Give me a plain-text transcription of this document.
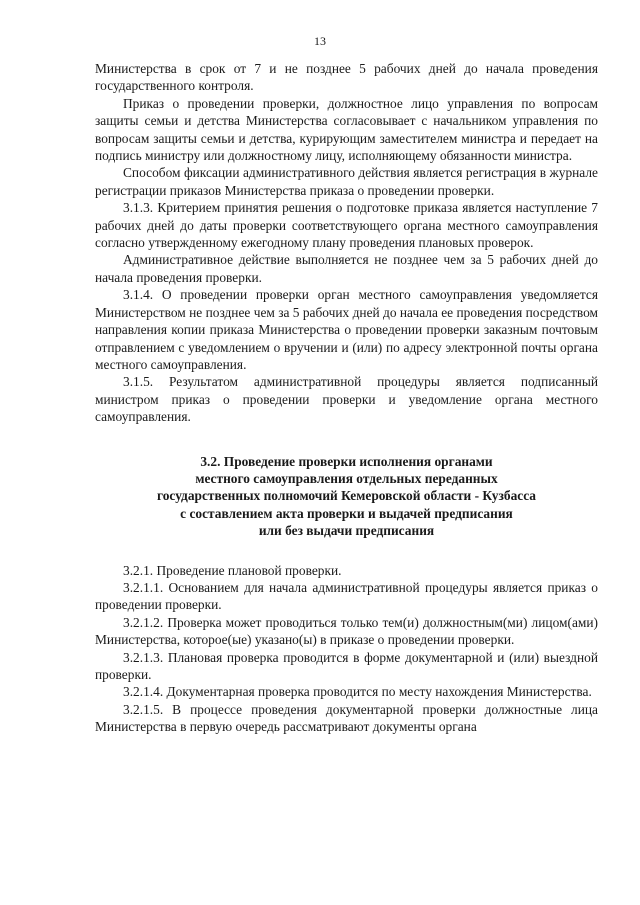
13

Министерства в срок от 7 и не позднее 5 рабочих дней до начала проведения государственного контроля.

Приказ о проведении проверки, должностное лицо управления по вопросам защиты семьи и детства Министерства согласовывает с начальником управления по вопросам защиты семьи и детства, курирующим заместителем министра и передает на подпись министру или должностному лицу, исполняющему обязанности министра.

Способом фиксации административного действия является регистрация в журнале регистрации приказов Министерства приказа о проведении проверки.

3.1.3. Критерием принятия решения о подготовке приказа является наступление 7 рабочих дней до даты проверки соответствующего органа местного самоуправления согласно утвержденному ежегодному плану проведения плановых проверок.

Административное действие выполняется не позднее чем за 5 рабочих дней до начала проведения проверки.

3.1.4. О проведении проверки орган местного самоуправления уведомляется Министерством не позднее чем за 5 рабочих дней до начала ее проведения посредством направления копии приказа Министерства о проведении проверки заказным почтовым отправлением с уведомлением о вручении и (или) по адресу электронной почты органа местного самоуправления.

3.1.5. Результатом административной процедуры является подписанный министром приказ о проведении проверки и уведомление органа местного самоуправления.

3.2. Проведение проверки исполнения органами
местного самоуправления отдельных переданных
государственных полномочий Кемеровской области - Кузбасса
с составлением акта проверки и выдачей предписания
или без выдачи предписания

3.2.1. Проведение плановой проверки.

3.2.1.1. Основанием для начала административной процедуры является приказ о проведении проверки.

3.2.1.2. Проверка может проводиться только тем(и) должностным(ми) лицом(ами) Министерства, которое(ые) указано(ы) в приказе о проведении проверки.

3.2.1.3. Плановая проверка проводится в форме документарной и (или) выездной проверки.

3.2.1.4. Документарная проверка проводится по месту нахождения Министерства.

3.2.1.5. В процессе проведения документарной проверки должностные лица Министерства в первую очередь рассматривают документы органа
